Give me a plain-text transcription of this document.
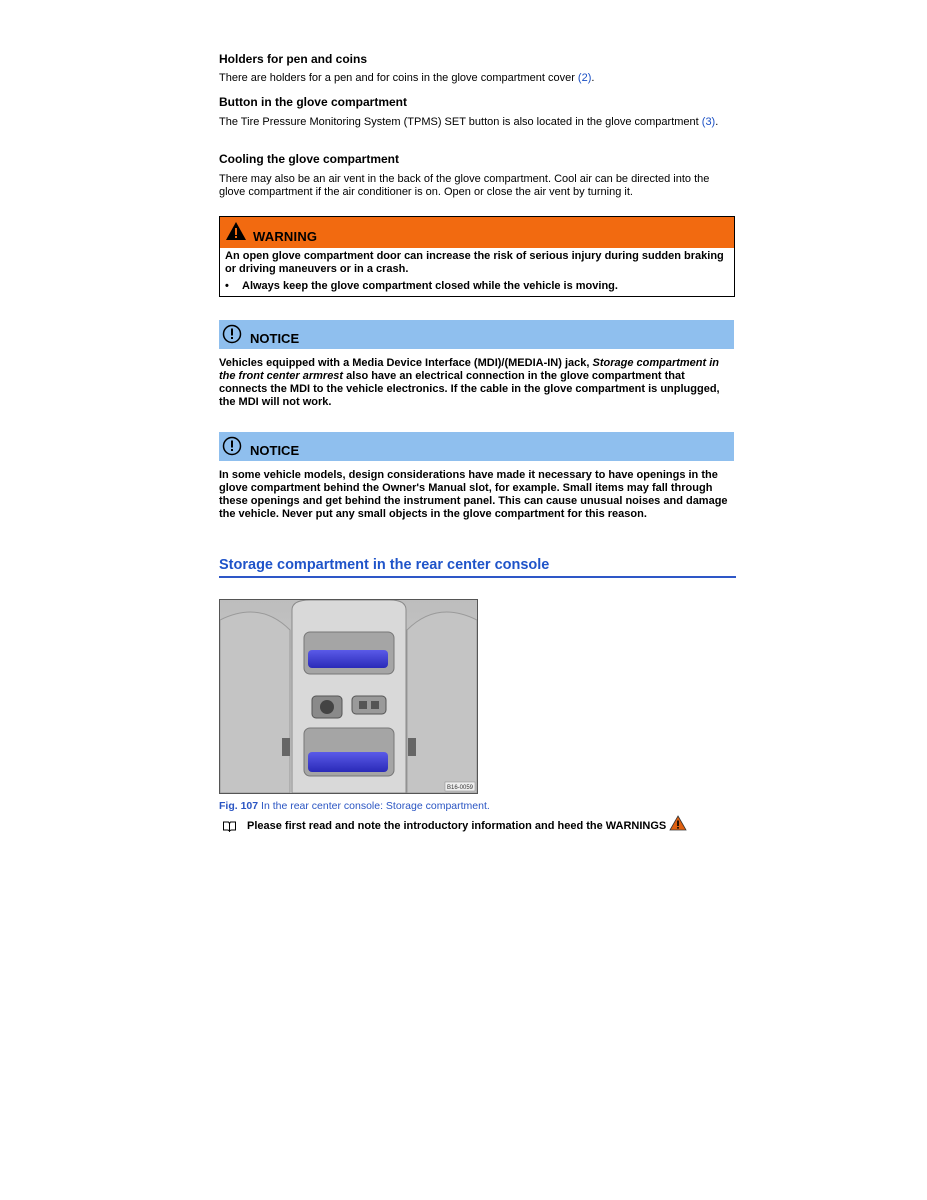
Holders for pen and coins
There are holders for a pen and for coins in the glove compartment cover (2).
Button in the glove compartment
The Tire Pressure Monitoring System (TPMS) SET button is also located in the glove compartment (3).
Cooling the glove compartment
There may also be an air vent in the back of the glove compartment. Cool air can be directed into the glove compartment if the air conditioner is on. Open or close the air vent by turning it.
WARNING
An open glove compartment door can increase the risk of serious injury during sudden braking or driving maneuvers or in a crash.
•	Always keep the glove compartment closed while the vehicle is moving.
NOTICE
Vehicles equipped with a Media Device Interface (MDI)/(MEDIA-IN) jack, Storage compartment in the front center armrest also have an electrical connection in the glove compartment that connects the MDI to the vehicle electronics. If the cable in the glove compartment is unplugged, the MDI will not work.
NOTICE
In some vehicle models, design considerations have made it necessary to have openings in the glove compartment behind the Owner's Manual slot, for example. Small items may fall through these openings and get behind the instrument panel. This can cause unusual noises and damage the vehicle. Never put any small objects in the glove compartment for this reason.
Storage compartment in the rear center console
B16-0059
Fig. 107 In the rear center console: Storage compartment.
Please first read and note the introductory information and heed the WARNINGS
